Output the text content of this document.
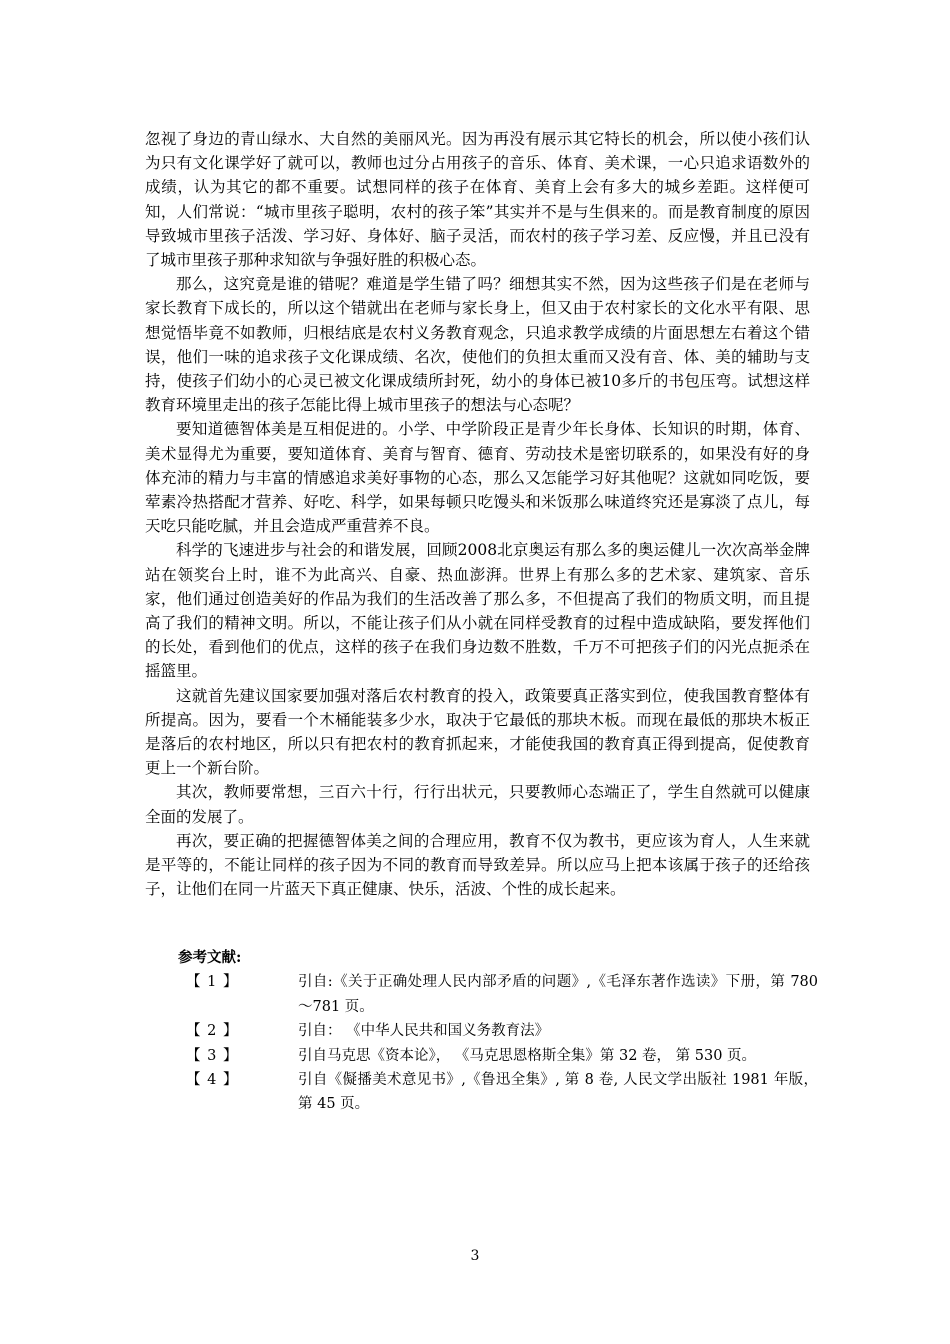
忽视了身边的青山绿水、大自然的美丽风光。因为再没有展示其它特长的机会，所以使小孩们认为只有文化课学好了就可以，教师也过分占用孩子的音乐、体育、美术课，一心只追求语数外的成绩，认为其它的都不重要。试想同样的孩子在体育、美育上会有多大的城乡差距。这样便可知，人们常说：“城市里孩子聪明，农村的孩子笨”其实并不是与生俱来的。而是教育制度的原因导致城市里孩子活泼、学习好、身体好、脑子灵活，而农村的孩子学习差、反应慢，并且已没有了城市里孩子那种求知欲与争强好胜的积极心态。

那么，这究竟是谁的错呢？难道是学生错了吗？细想其实不然，因为这些孩子们是在老师与家长教育下成长的，所以这个错就出在老师与家长身上，但又由于农村家长的文化水平有限、思想觉悟毕竟不如教师，归根结底是农村义务教育观念，只追求教学成绩的片面思想左右着这个错误，他们一味的追求孩子文化课成绩、名次，使他们的负担太重而又没有音、体、美的辅助与支持，使孩子们幼小的心灵已被文化课成绩所封死，幼小的身体已被10多斤的书包压弯。试想这样教育环境里走出的孩子怎能比得上城市里孩子的想法与心态呢？

要知道德智体美是互相促进的。小学、中学阶段正是青少年长身体、长知识的时期，体育、美术显得尤为重要，要知道体育、美育与智育、德育、劳动技术是密切联系的，如果没有好的身体充沛的精力与丰富的情感追求美好事物的心态，那么又怎能学习好其他呢？这就如同吃饭，要荤素冷热搭配才营养、好吃、科学，如果每顿只吃馒头和米饭那么味道终究还是寡淡了点儿，每天吃只能吃腻，并且会造成严重营养不良。

科学的飞速进步与社会的和谐发展，回顾2008北京奥运有那么多的奥运健儿一次次高举金牌站在领奖台上时，谁不为此高兴、自豪、热血澎湃。世界上有那么多的艺术家、建筑家、音乐家，他们通过创造美好的作品为我们的生活改善了那么多，不但提高了我们的物质文明，而且提高了我们的精神文明。所以，不能让孩子们从小就在同样受教育的过程中造成缺陷，要发挥他们的长处，看到他们的优点，这样的孩子在我们身边数不胜数，千万不可把孩子们的闪光点扼杀在摇篮里。

这就首先建议国家要加强对落后农村教育的投入，政策要真正落实到位，使我国教育整体有所提高。因为，要看一个木桶能装多少水，取决于它最低的那块木板。而现在最低的那块木板正是落后的农村地区，所以只有把农村的教育抓起来，才能使我国的教育真正得到提高，促使教育更上一个新台阶。

其次，教师要常想，三百六十行，行行出状元，只要教师心态端正了，学生自然就可以健康全面的发展了。

再次，要正确的把握德智体美之间的合理应用，教育不仅为教书，更应该为育人，人生来就是平等的，不能让同样的孩子因为不同的教育而导致差异。所以应马上把本该属于孩子的还给孩子，让他们在同一片蓝天下真正健康、快乐，活波、个性的成长起来。

参考文献:
【 1 】	引自:《关于正确处理人民内部矛盾的问题》,《毛泽东著作选读》下册，第 780～781 页。
【 2 】	引自： 《中华人民共和国义务教育法》
【 3 】	引自马克思《资本论》， 《马克思恩格斯全集》第 32 卷， 第 530 页。
【 4 】	引自《儗播美术意见书》,《鲁迅全集》, 第 8 卷, 人民文学出版社 1981 年版， 第 45 页。
3
